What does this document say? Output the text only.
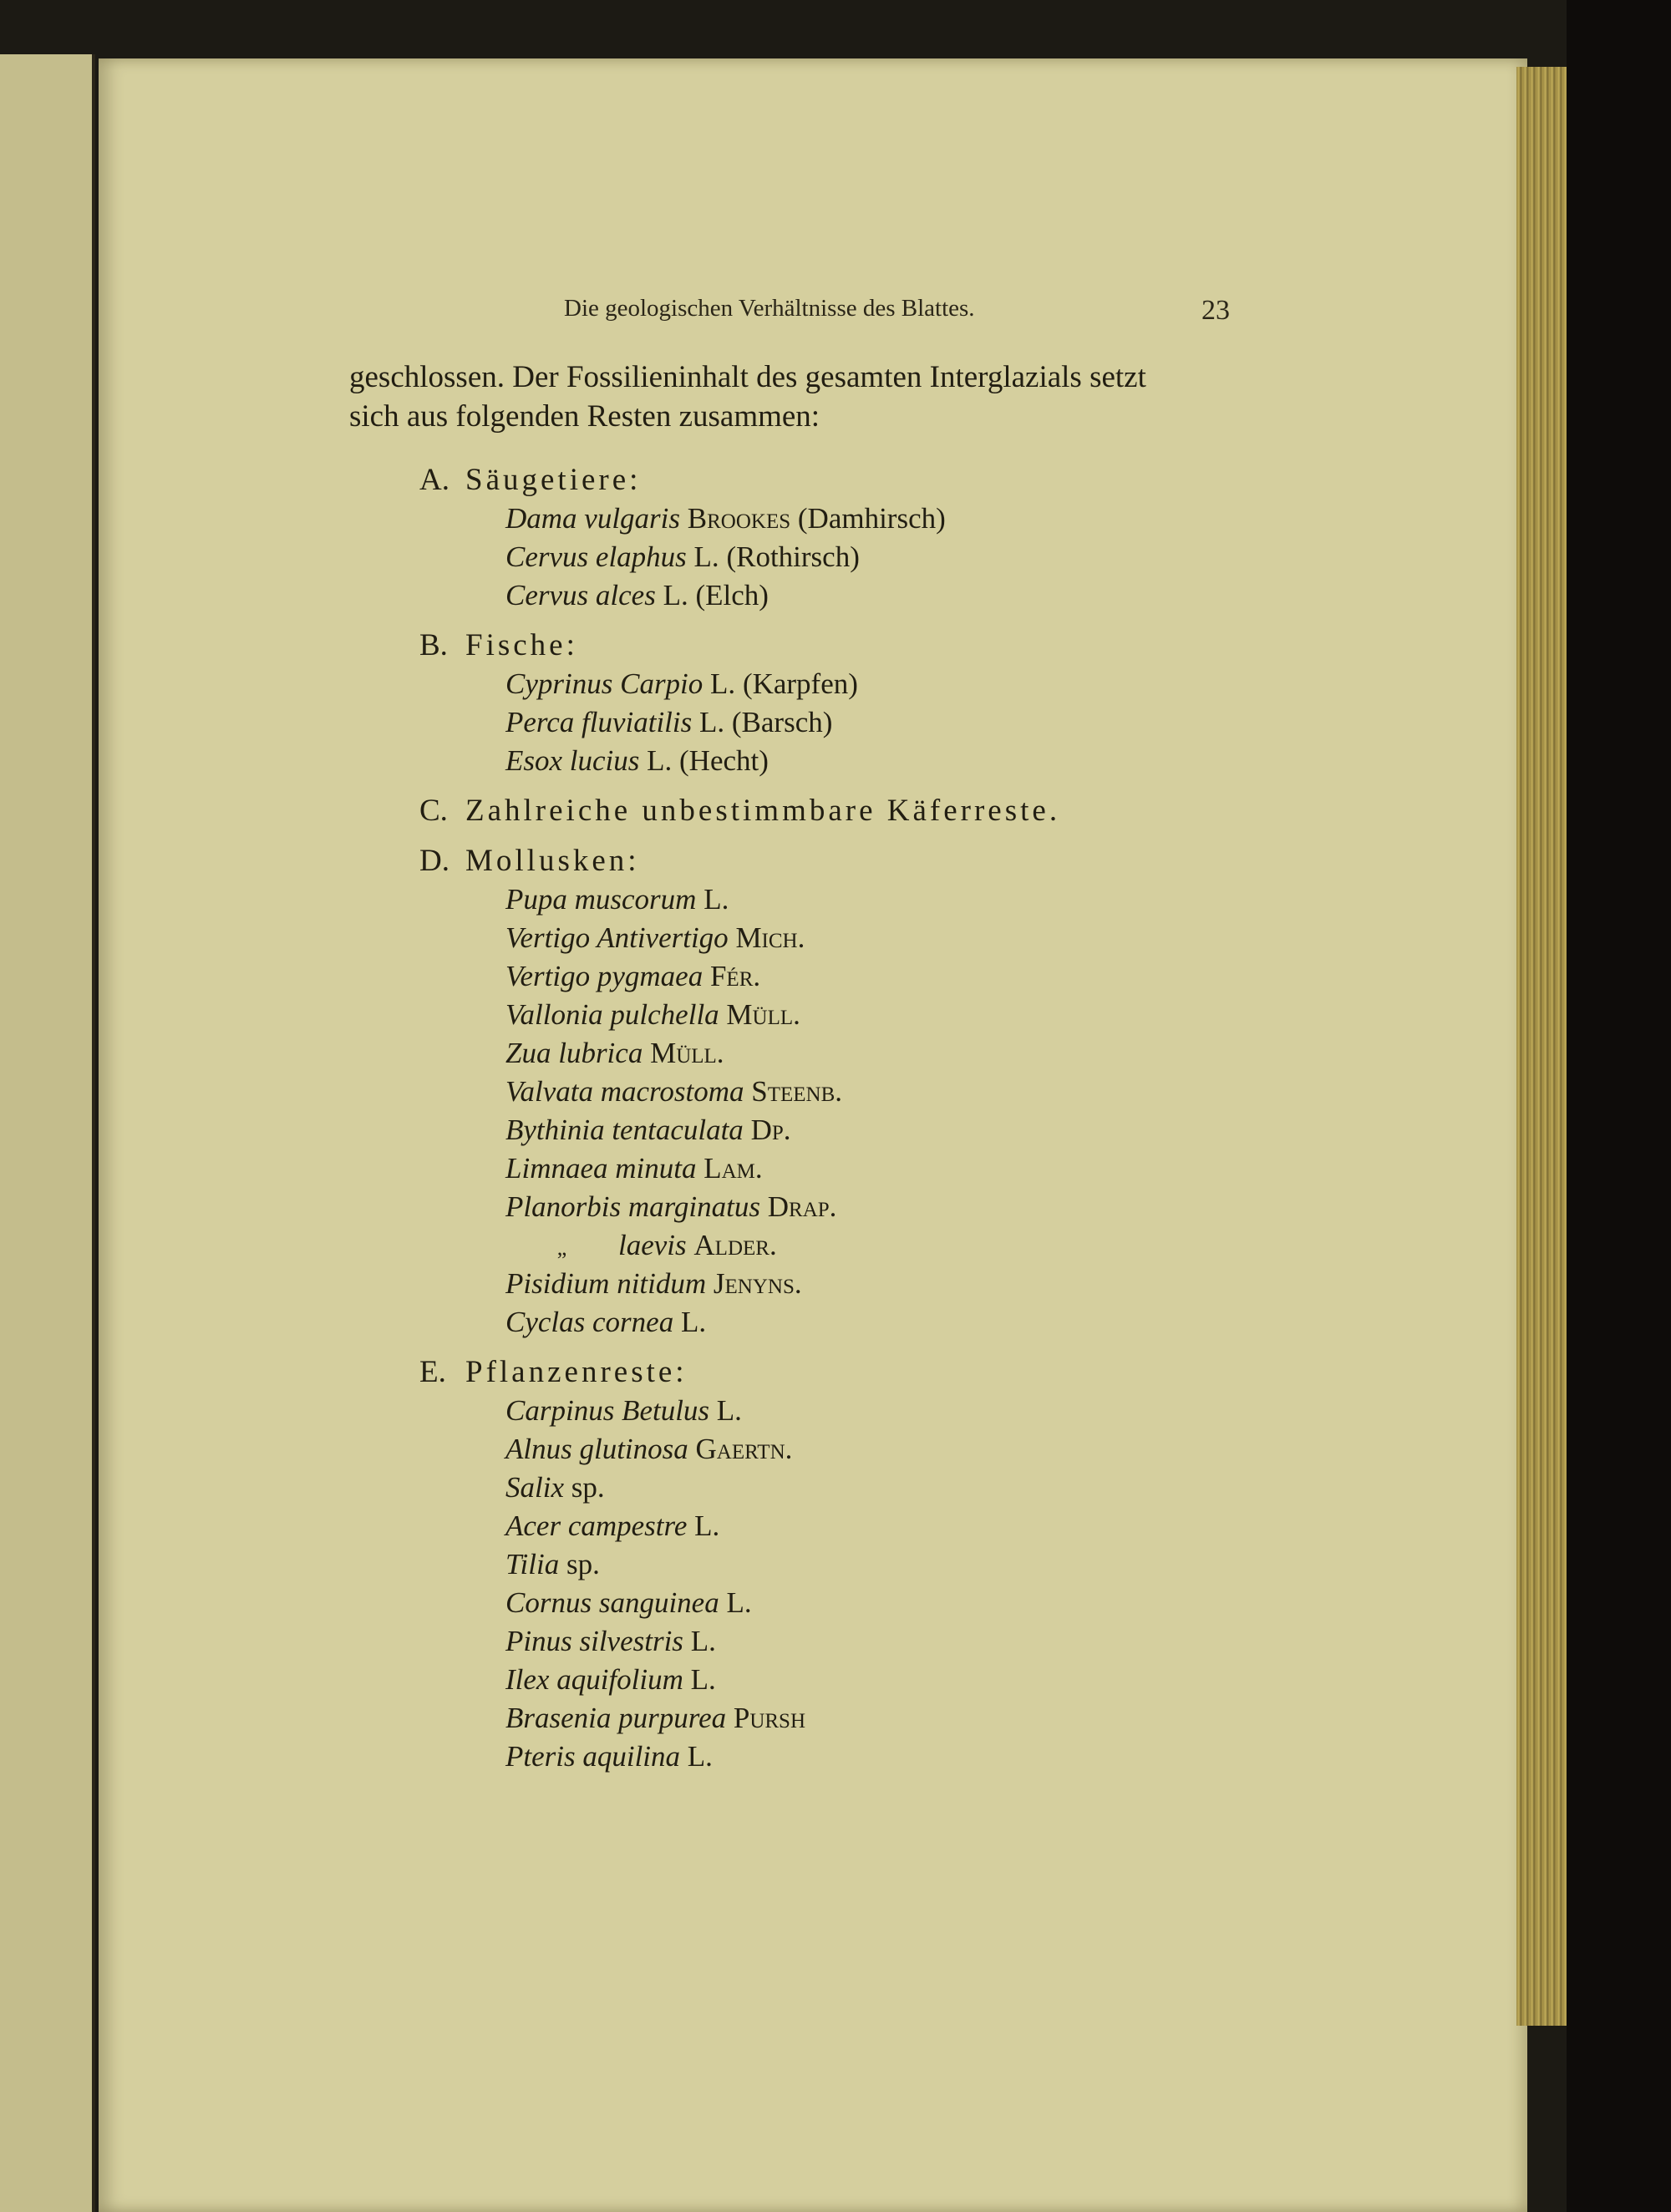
Die geologischen Verhältnisse des Blattes.	23
geschlossen. Der Fossilieninhalt des gesamten Interglazials setzt
sich aus folgenden Resten zusammen:
A. Säugetiere:
Dama vulgaris Brookes (Damhirsch)
Cervus elaphus L. (Rothirsch)
Cervus alces L. (Elch)
B. Fische:
Cyprinus Carpio L. (Karpfen)
Perca fluviatilis L. (Barsch)
Esox lucius L. (Hecht)
C. Zahlreiche unbestimmbare Käferreste.
D. Mollusken:
Pupa muscorum L.
Vertigo Antivertigo Mich.
Vertigo pygmaea Fér.
Vallonia pulchella Müll.
Zua lubrica Müll.
Valvata macrostoma Steenb.
Bythinia tentaculata Dp.
Limnaea minuta Lam.
Planorbis marginatus Drap.
„ laevis Alder.
Pisidium nitidum Jenyns.
Cyclas cornea L.
E. Pflanzenreste:
Carpinus Betulus L.
Alnus glutinosa Gaertn.
Salix sp.
Acer campestre L.
Tilia sp.
Cornus sanguinea L.
Pinus silvestris L.
Ilex aquifolium L.
Brasenia purpurea Pursh
Pteris aquilina L.
